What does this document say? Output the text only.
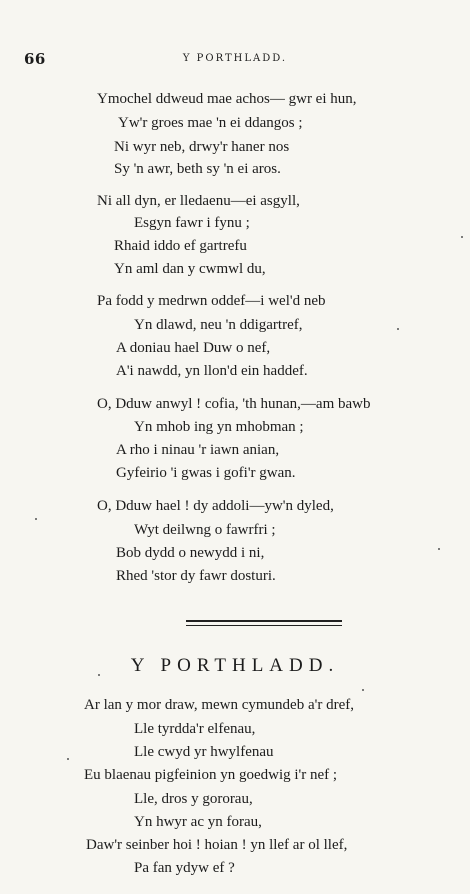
66	Y PORTHLADD.
Ymochel ddweud mae achos— gwr ei hun,
Yw'r groes mae 'n ei ddangos ;
Ni wyr neb, drwy'r haner nos
Sy 'n awr, beth sy 'n ei aros.
Ni all dyn, er lledaenu—ei asgyll,
Esgyn fawr i fynu ;
Rhaid iddo ef gartrefu
Yn aml dan y cwmwl du,
Pa fodd y medrwn oddef—i wel'd neb
Yn dlawd, neu 'n ddigartref,
A doniau hael Duw o nef,
A'i nawdd, yn llon'd ein haddef.
O, Dduw anwyl ! cofia, 'th hunan,—am bawb
Yn mhob ing yn mhobman ;
A rho i ninau 'r iawn anian,
Gyfeirio 'i gwas i gofi'r gwan.
O, Dduw hael ! dy addoli—yw'n dyled,
Wyt deilwng o fawrfri ;
Bob dydd o newydd i ni,
Rhed 'stor dy fawr dosturi.
Y PORTHLADD.
Ar lan y mor draw, mewn cymundeb a'r dref,
Lle tyrdda'r elfenau,
Lle cwyd yr hwylfenau
Eu blaenau pigfeinion yn goedwig i'r nef ;
Lle, dros y gororau,
Yn hwyr ac yn forau,
Daw'r seinber hoi ! hoian ! yn llef ar ol llef,
Pa fan ydyw ef ?
